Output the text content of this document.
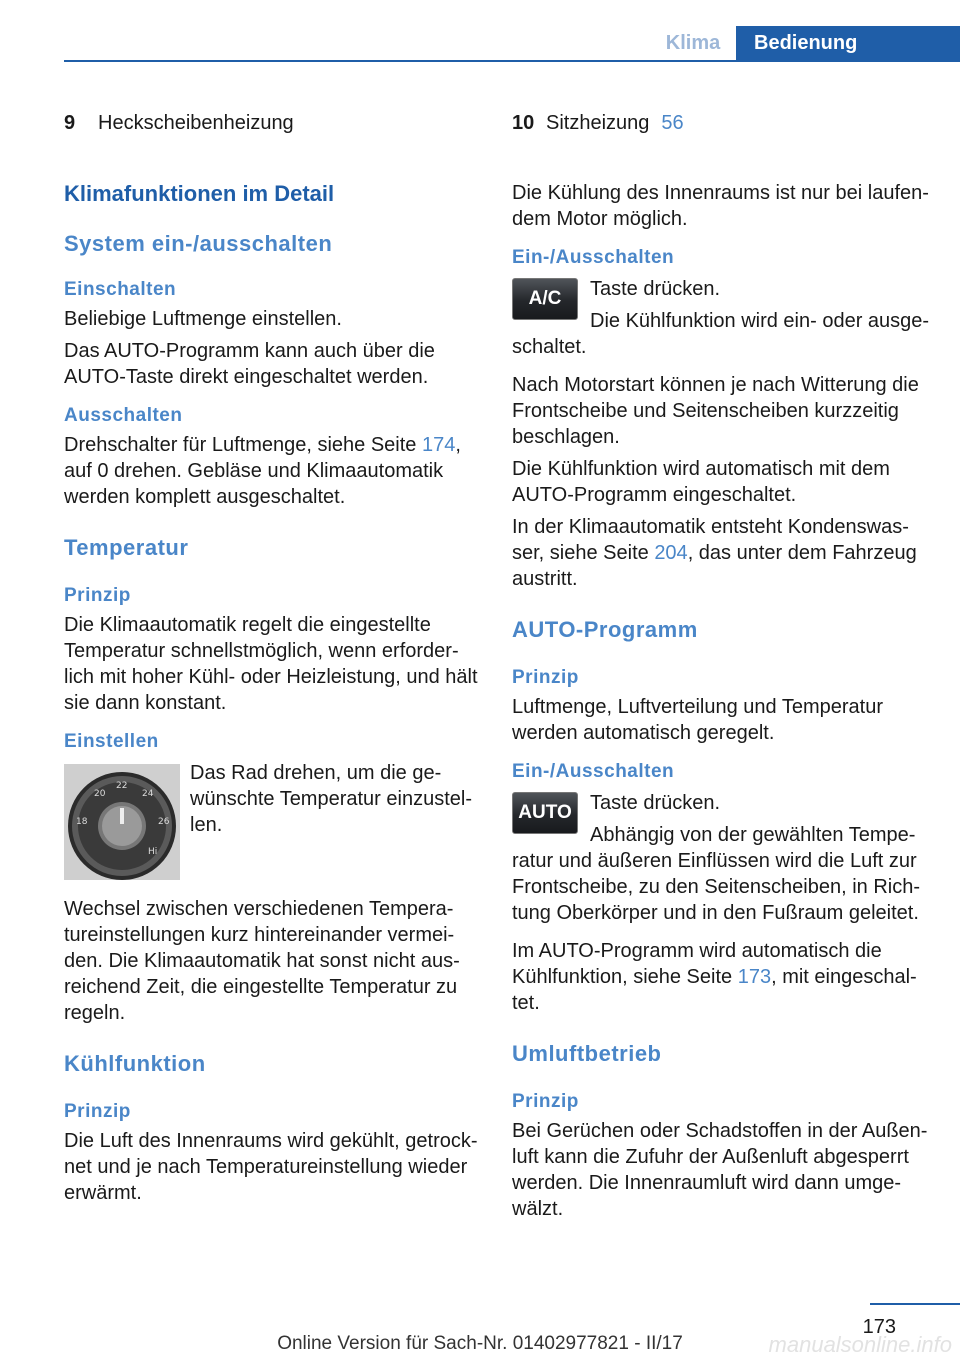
Klima	Bedienung
9	Heckscheibenheizung
Klimafunktionen im Detail
System ein-/ausschalten
Einschalten

Beliebige Luftmenge einstellen.

Das AUTO-Programm kann auch über die AUTO-Taste direkt eingeschaltet werden.

Ausschalten

Drehschalter für Luftmenge, siehe Seite 174, auf 0 drehen. Gebläse und Klimaautomatik werden komplett ausgeschaltet.

Temperatur
Prinzip

Die Klimaautomatik regelt die eingestellte Temperatur schnellstmöglich, wenn erforder-lich mit hoher Kühl- oder Heizleistung, und hält sie dann konstant.

Einstellen
20
22
24
18	26
Hi

Das Rad drehen, um die ge-wünschte Temperatur einzustel-len.

Wechsel zwischen verschiedenen Tempera-tureinstellungen kurz hintereinander vermei-den. Die Klimaautomatik hat sonst nicht aus-reichend Zeit, die eingestellte Temperatur zu regeln.

Kühlfunktion
Prinzip

Die Luft des Innenraums wird gekühlt, getrock-net und je nach Temperatureinstellung wieder erwärmt.

10 Sitzheizung 56

Die Kühlung des Innenraums ist nur bei laufen-dem Motor möglich.

Ein-/Ausschalten
A/C	Taste drücken.

Die Kühlfunktion wird ein- oder ausge-schaltet.

Nach Motorstart können je nach Witterung die Frontscheibe und Seitenscheiben kurzzeitig beschlagen.

Die Kühlfunktion wird automatisch mit dem AUTO-Programm eingeschaltet.

In der Klimaautomatik entsteht Kondenswas-ser, siehe Seite 204, das unter dem Fahrzeug austritt.

AUTO-Programm
Prinzip

Luftmenge, Luftverteilung und Temperatur werden automatisch geregelt.

Ein-/Ausschalten
AUTO Taste drücken.

Abhängig von der gewählten Tempe-ratur und äußeren Einflüssen wird die Luft zur Frontscheibe, zu den Seitenscheiben, in Rich-tung Oberkörper und in den Fußraum geleitet.

Im AUTO-Programm wird automatisch die Kühlfunktion, siehe Seite 173, mit eingeschal-tet.

Umluftbetrieb
Prinzip

Bei Gerüchen oder Schadstoffen in der Außen-luft kann die Zufuhr der Außenluft abgesperrt werden. Die Innenraumluft wird dann umge-wälzt.

173
Online Version für Sach-Nr. 01402977821 - II/17	manualsonline.info
